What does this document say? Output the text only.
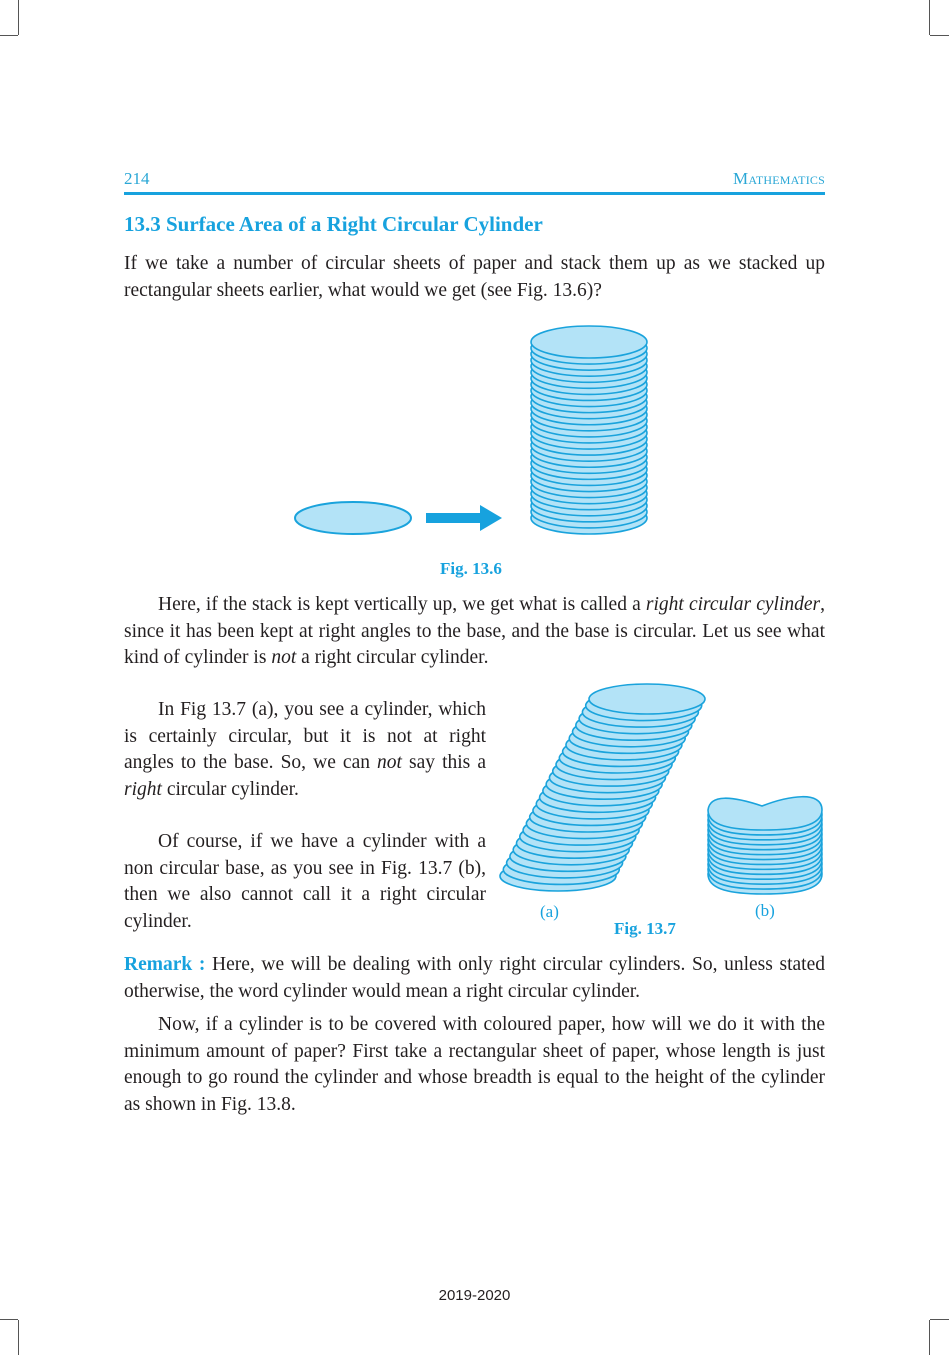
214	Mathematics
13.3 Surface Area of a Right Circular Cylinder
If we take a number of circular sheets of paper and stack them up as we stacked up rectangular sheets earlier, what would we get (see Fig. 13.6)?
Fig. 13.6
Here, if the stack is kept vertically up, we get what is called a right circular cylinder, since it has been kept at right angles to the base, and the base is circular. Let us see what kind of cylinder is not a right circular cylinder.
In Fig 13.7 (a), you see a cylinder, which is certainly circular, but it is not at right angles to the base. So, we can not say this a right circular cylinder.
Of course, if we have a cylinder with a non circular base, as you see in Fig. 13.7 (b), then we also cannot call it a right circular cylinder.	(a)	(b)
Fig. 13.7
Remark : Here, we will be dealing with only right circular cylinders. So, unless stated otherwise, the word cylinder would mean a right circular cylinder.
Now, if a cylinder is to be covered with coloured paper, how will we do it with the minimum amount of paper? First take a rectangular sheet of paper, whose length is just enough to go round the cylinder and whose breadth is equal to the height of the cylinder as shown in Fig. 13.8.
2019-2020
